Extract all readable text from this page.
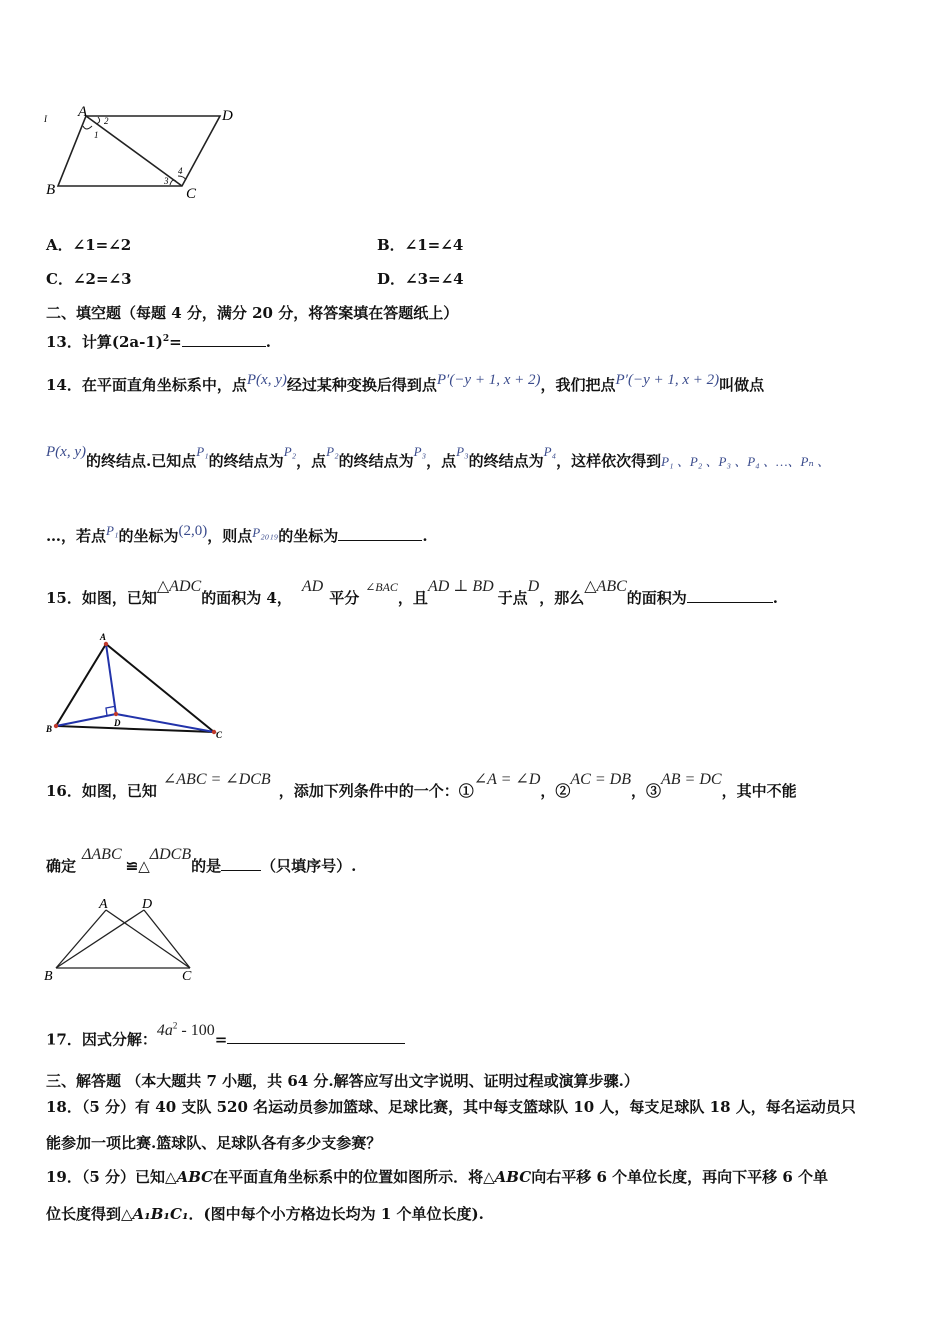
A	D
B	C
1
2
3
4
I
A．∠1=∠2	B．∠1=∠4
C．∠2=∠3	D．∠3=∠4
二、填空题（每题 4 分，满分 20 分，将答案填在答题纸上）
13．计算$(2a-1)^2=$	.
14．在平面直角坐标系中，点P(x, y)经过某种变换后得到点P′(−y + 1, x + 2)，我们把点P′(−y + 1, x + 2)叫做点
P(x, y)的终结点.已知点P₁的终结点为P₂，点P₂的终结点为P₃，点P₃的终结点为P₄，这样依次得到P₁ 、P₂ 、P₃ 、P₄ 、…、Pₙ 、
…，若点P₁的坐标为(2,0)，则点P₂₀₁₉的坐标为	.
15．如图，已知△ADC的面积为 4，AD平分$^{\angle BAC}$，且AD ⊥ BD于点D，那么△ABC的面积为	.
A
B
C
D
16．如图，已知∠ABC = ∠DCB，添加下列条件中的一个：①∠A = ∠D，②AC = DB，③AB = DC，其中不能
确定ΔABC≌△ΔDCB的是	（只填序号）.
A D
B	C
17．因式分解：$4a^2 - 100=$
三、解答题 （本大题共 7 小题，共 64 分.解答应写出文字说明、证明过程或演算步骤.）
18．（5 分）有 40 支队 520 名运动员参加篮球、足球比赛，其中每支篮球队 10 人，每支足球队 18 人，每名运动员只
能参加一项比赛.篮球队、足球队各有多少支参赛？
19．（5 分）已知△ABC在平面直角坐标系中的位置如图所示．将△ABC向右平移 6 个单位长度，再向下平移 6 个单
位长度得到△A₁B₁C₁．(图中每个小方格边长均为 1 个单位长度).
